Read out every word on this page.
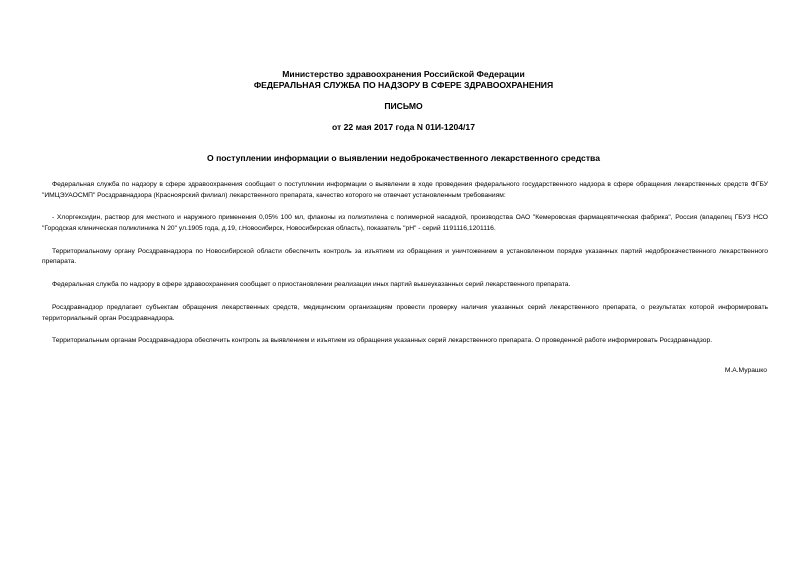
Министерство здравоохранения Российской Федерации
ФЕДЕРАЛЬНАЯ СЛУЖБА ПО НАДЗОРУ В СФЕРЕ ЗДРАВООХРАНЕНИЯ
ПИСЬМО
от 22 мая 2017 года N 01И-1204/17
О поступлении информации о выявлении недоброкачественного лекарственного средства

Федеральная служба по надзору в сфере здравоохранения сообщает о поступлении информации о выявлении в ходе проведения федерального государственного надзора в сфере обращения лекарственных средств ФГБУ "ИМЦЭУАОСМП" Росздравнадзора (Красноярский филиал) лекарственного препарата, качество которого не отвечает установленным требованиям:

- Хлоргексидин, раствор для местного и наружного применения 0,05% 100 мл, флаконы из полиэтилена с полимерной насадкой, производства ОАО "Кемеровская фармацевтическая фабрика", Россия (владелец ГБУЗ НСО "Городская клиническая поликлиника N 20" ул.1905 года, д.19, г.Новосибирск, Новосибирская область), показатель "рН" - серий 1191116,1201116.

Территориальному органу Росздравнадзора по Новосибирской области обеспечить контроль за изъятием из обращения и уничтожением в установленном порядке указанных партий недоброкачественного лекарственного препарата.

Федеральная служба по надзору в сфере здравоохранения сообщает о приостановлении реализации иных партий вышеуказанных серий лекарственного препарата.

Росздравнадзор предлагает субъектам обращения лекарственных средств, медицинским организациям провести проверку наличия указанных серий лекарственного препарата, о результатах которой информировать территориальный орган Росздравнадзора.

Территориальным органам Росздравнадзора обеспечить контроль за выявлением и изъятием из обращения указанных серий лекарственного препарата. О проведенной работе информировать Росздравнадзор.

М.А.Мурашко
